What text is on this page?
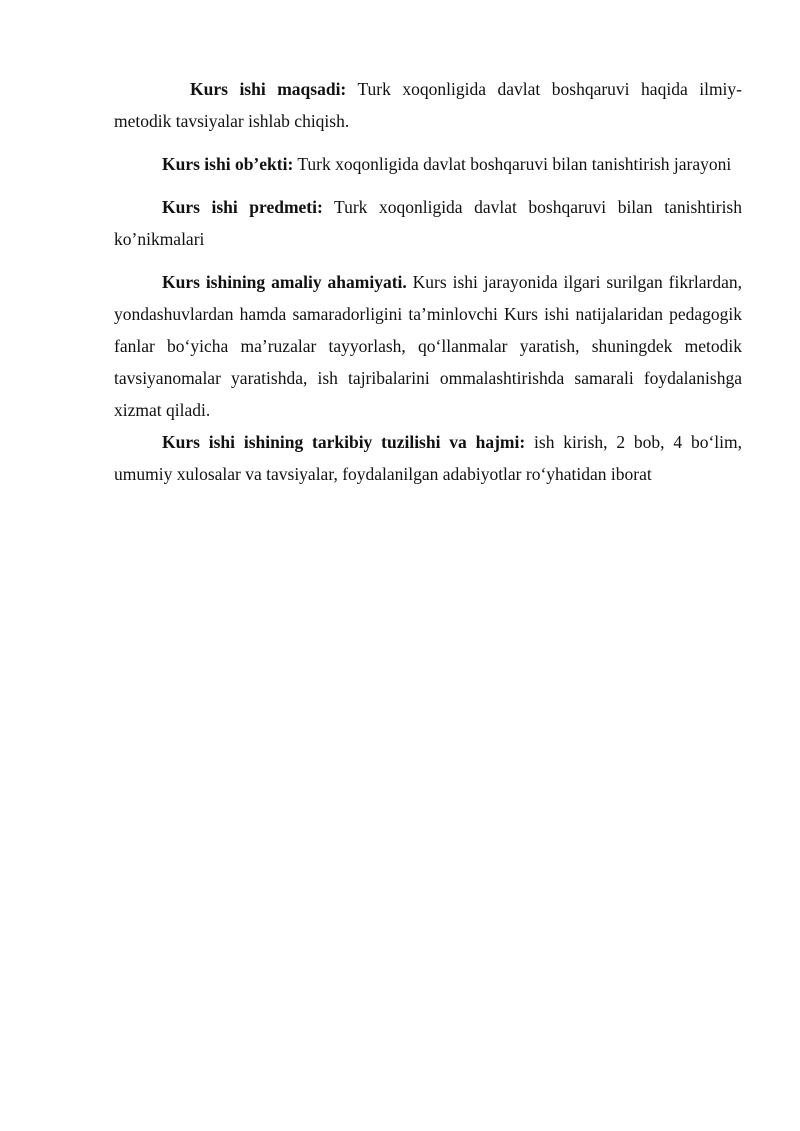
Kurs ishi maqsadi: Turk xoqonligida davlat boshqaruvi haqida ilmiy-metodik tavsiyalar ishlab chiqish.

Kurs ishi ob’ekti: Turk xoqonligida davlat boshqaruvi bilan tanishtirish jarayoni

Kurs ishi predmeti: Turk xoqonligida davlat boshqaruvi bilan tanishtirish ko’nikmalari

Kurs ishining amaliy ahamiyati. Kurs ishi jarayonida ilgari surilgan fikrlardan, yondashuvlardan hamda samaradorligini ta’minlovchi Kurs ishi natijalaridan pedagogik fanlar bo‘yicha ma’ruzalar tayyorlash, qo‘llanmalar yaratish, shuningdek metodik tavsiyanomalar yaratishda, ish tajribalarini ommalashtirishda samarali foydalanishga xizmat qiladi.

Kurs ishi ishining tarkibiy tuzilishi va hajmi: ish kirish, 2 bob, 4 bo‘lim, umumiy xulosalar va tavsiyalar, foydalanilgan adabiyotlar ro‘yhatidan iborat
